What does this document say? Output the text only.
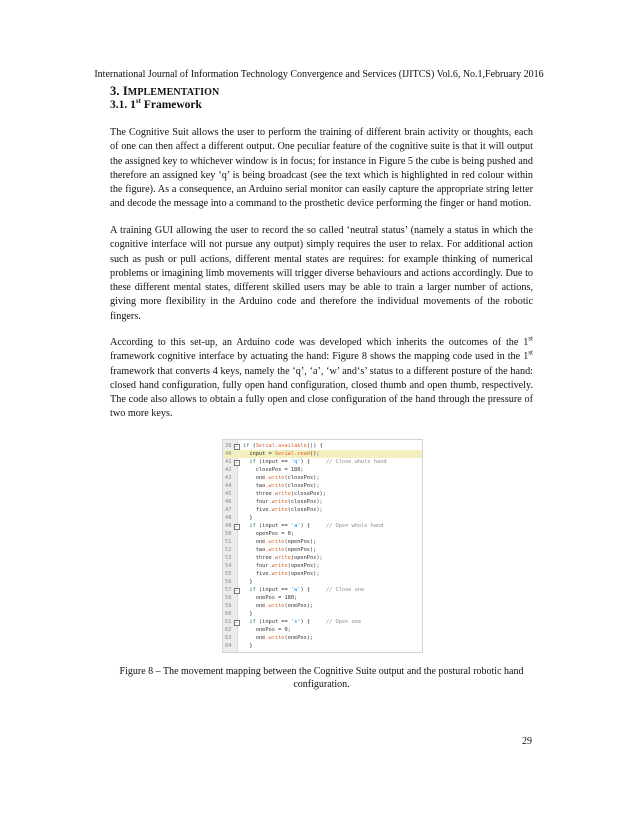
International Journal of Information Technology Convergence and Services (IJITCS) Vol.6, No.1,February 2016
3. IMPLEMENTATION
3.1. 1st Framework

The Cognitive Suit allows the user to perform the training of different brain activity or thoughts, each of one can then affect a different output. One peculiar feature of the cognitive suite is that it will output the assigned key to whichever window is in focus; for instance in Figure 5 the cube is being pushed and therefore an assigned key ‘q’ is being broadcast (see the text which is highlighted in red colour within the figure). As a consequence, an Arduino serial monitor can easily capture the appropriate string letter and decode the message into a command to the prosthetic device performing the finger or hand motion.

A training GUI allowing the user to record the so called ‘neutral status’ (namely a status in which the cognitive interface will not pursue any output) simply requires the user to relax. For additional action such as push or pull actions, different mental states are requires: for example thinking of numerical problems or imagining limb movements will trigger diverse behaviours and actions accordingly. Due to these different mental states, different skilled users may be able to train a larger number of actions, giving more flexibility in the Arduino code and therefore the individual movements of the robotic fingers.

According to this set-up, an Arduino code was developed which inherits the outcomes of the 1st framework cognitive interface by actuating the hand: Figure 8 shows the mapping code used in the 1st framework that converts 4 keys, namely the ‘q’, ‘a’, ‘w’ and‘s’ status to a different posture of the hand: closed hand configuration, fully open hand configuration, closed thumb and open thumb, respectively. The code also allows to obtain a fully open and close configuration of the hand through the pressure of two more keys.

39	− if (Serial.available()) {
40	input = Serial.read();
41	−	if (input == 'q') {     // Close whole hand
42	closePos = 180;
43	one.write(closePos);
44	two.write(closePos);
45	three.write(closePos);
46	four.write(closePos);
47	five.write(closePos);
48	}
49	−	if (input == 'a') {     // Open whole hand
50	openPos = 0;
51	one.write(openPos);
52	two.write(openPos);
53	three.write(openPos);
54	four.write(openPos);
55	five.write(openPos);
56	}
57	−	if (input == 'w') {     // Close one
58	onePos = 180;
59	one.write(onePos);
60	}
61	−	if (input == 's') {     // Open one
62	onePos = 0;
63	one.write(onePos);
64	}
Figure 8 – The movement mapping between the Cognitive Suite output and the postural robotic hand configuration.
29
